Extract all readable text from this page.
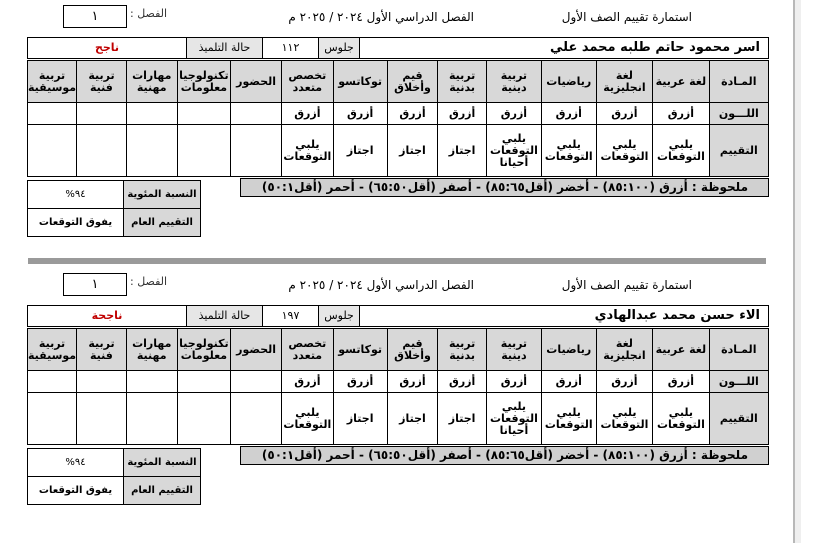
استمارة تقييم الصف الأول
الفصل الدراسي الأول ٢٠٢٤ / ٢٠٢٥ م
الفصل :
١
اسر محمود حاتم طلبه محمد علي	جلوس	١١٢	حالة التلميذ	ناجح
المـادة	لغة عربية	لغة انجليزية	رياضيات	تربية دينية	تربية بدنية	قيم وأخلاق	توكاتسو	تخصص متعدد	الحضور	تكنولوجيا معلومات	مهارات مهنية	تربية فنية	تربية موسيقية
اللـــون	أزرق	أزرق	أزرق	أزرق	أزرق	أزرق	أزرق	أزرق					
التقييم	يلبي التوقعات	يلبي التوقعات	يلبي التوقعات	يلبي التوقعات أحيانا	اجتاز	اجتاز	اجتاز	يلبي التوقعات					
ملحوظة : أزرق (٨٥:١٠٠) - أخضر (أقل٨٥:٦٥) - أصفر (أقل٦٥:٥٠) - أحمر (أقل٥٠:١)
النسبة المئوية	٩٤%
التقييم العام	يفوق التوقعات
استمارة تقييم الصف الأول
الفصل الدراسي الأول ٢٠٢٤ / ٢٠٢٥ م
الفصل :
١
الاء حسن محمد عبدالهادي	جلوس	١٩٧	حالة التلميذ	ناجحة
المـادة	لغة عربية	لغة انجليزية	رياضيات	تربية دينية	تربية بدنية	قيم وأخلاق	توكاتسو	تخصص متعدد	الحضور	تكنولوجيا معلومات	مهارات مهنية	تربية فنية	تربية موسيقية
اللـــون	أزرق	أزرق	أزرق	أزرق	أزرق	أزرق	أزرق	أزرق					
التقييم	يلبي التوقعات	يلبي التوقعات	يلبي التوقعات	يلبي التوقعات أحيانا	اجتاز	اجتاز	اجتاز	يلبي التوقعات					
ملحوظة : أزرق (٨٥:١٠٠) - أخضر (أقل٨٥:٦٥) - أصفر (أقل٦٥:٥٠) - أحمر (أقل٥٠:١)
النسبة المئوية	٩٤%
التقييم العام	يفوق التوقعات
